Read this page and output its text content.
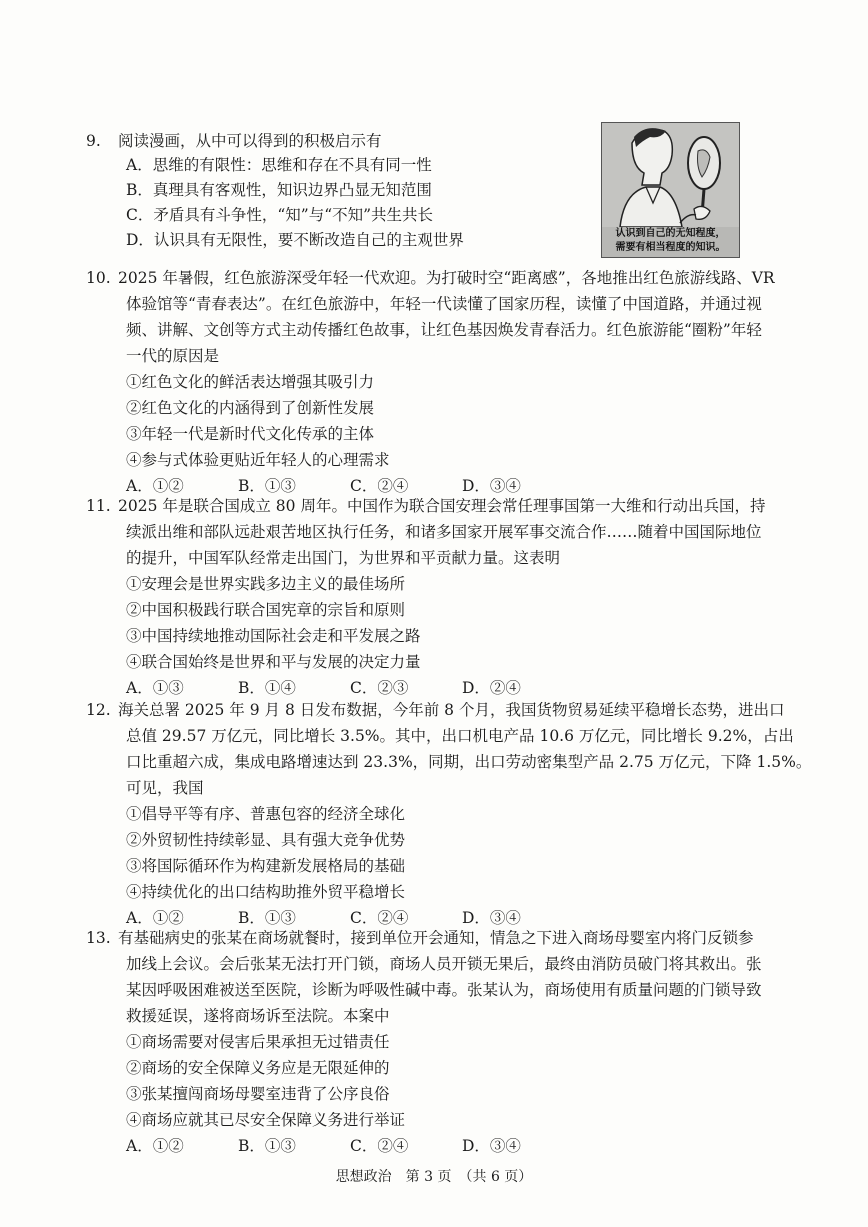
9. 阅读漫画，从中可以得到的积极启示有
A．思维的有限性：思维和存在不具有同一性
B．真理具有客观性，知识边界凸显无知范围
C．矛盾具有斗争性，“知”与“不知”共生共长
D．认识具有无限性，要不断改造自己的主观世界	认识到自己的无知程度，
需要有相当程度的知识。
10. 2025 年暑假，红色旅游深受年轻一代欢迎。为打破时空“距离感”，各地推出红色旅游线路、VR
体验馆等“青春表达”。在红色旅游中，年轻一代读懂了国家历程，读懂了中国道路，并通过视
频、讲解、文创等方式主动传播红色故事，让红色基因焕发青春活力。红色旅游能“圈粉”年轻
一代的原因是
①红色文化的鲜活表达增强其吸引力
②红色文化的内涵得到了创新性发展
③年轻一代是新时代文化传承的主体
④参与式体验更贴近年轻人的心理需求
A．①②	B．①③	C．②④	D．③④
11. 2025 年是联合国成立 80 周年。中国作为联合国安理会常任理事国第一大维和行动出兵国，持
续派出维和部队远赴艰苦地区执行任务，和诸多国家开展军事交流合作……随着中国国际地位
的提升，中国军队经常走出国门，为世界和平贡献力量。这表明
①安理会是世界实践多边主义的最佳场所
②中国积极践行联合国宪章的宗旨和原则
③中国持续地推动国际社会走和平发展之路
④联合国始终是世界和平与发展的决定力量
A．①③	B．①④	C．②③	D．②④
12. 海关总署 2025 年 9 月 8 日发布数据，今年前 8 个月，我国货物贸易延续平稳增长态势，进出口
总值 29.57 万亿元，同比增长 3.5%。其中，出口机电产品 10.6 万亿元，同比增长 9.2%，占出
口比重超六成，集成电路增速达到 23.3%，同期，出口劳动密集型产品 2.75 万亿元，下降 1.5%。
可见，我国
①倡导平等有序、普惠包容的经济全球化
②外贸韧性持续彰显、具有强大竞争优势
③将国际循环作为构建新发展格局的基础
④持续优化的出口结构助推外贸平稳增长
A．①②	B．①③	C．②④	D．③④
13. 有基础病史的张某在商场就餐时，接到单位开会通知，情急之下进入商场母婴室内将门反锁参
加线上会议。会后张某无法打开门锁，商场人员开锁无果后，最终由消防员破门将其救出。张
某因呼吸困难被送至医院，诊断为呼吸性碱中毒。张某认为，商场使用有质量问题的门锁导致
救援延误，遂将商场诉至法院。本案中
①商场需要对侵害后果承担无过错责任
②商场的安全保障义务应是无限延伸的
③张某擅闯商场母婴室违背了公序良俗
④商场应就其已尽安全保障义务进行举证
A．①②	B．①③	C．②④	D．③④
思想政治　第 3 页　（共 6 页）
